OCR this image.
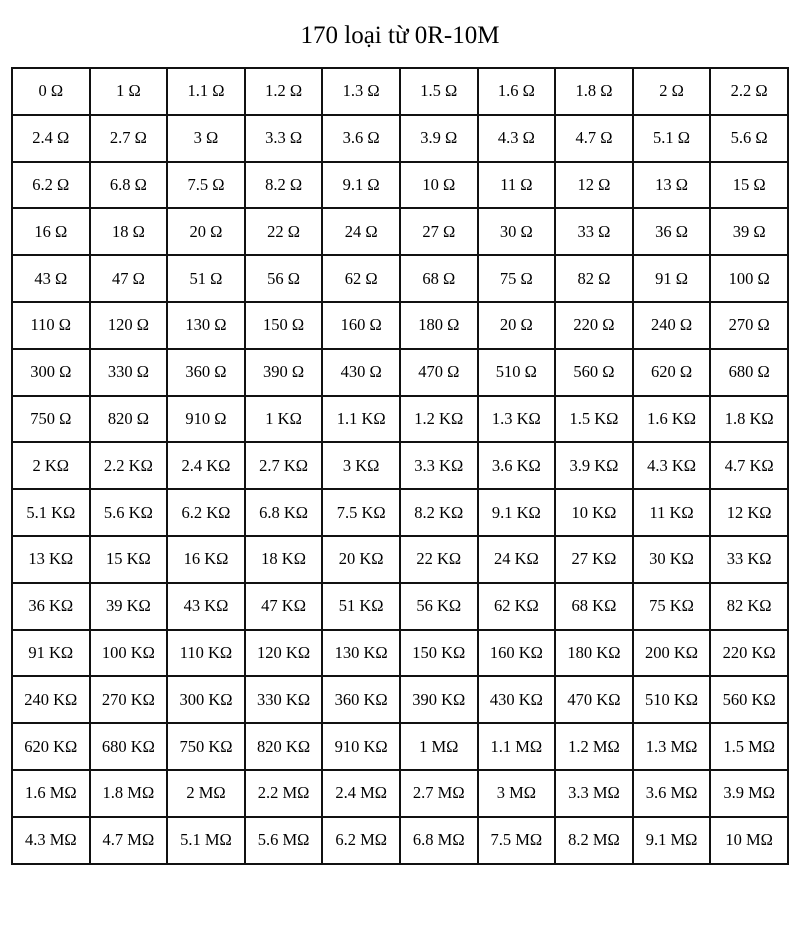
170 loại từ 0R-10M
0 Ω	1 Ω	1.1 Ω	1.2 Ω	1.3 Ω	1.5 Ω	1.6 Ω	1.8 Ω	2 Ω	2.2 Ω
2.4 Ω	2.7 Ω	3 Ω	3.3 Ω	3.6 Ω	3.9 Ω	4.3 Ω	4.7 Ω	5.1 Ω	5.6 Ω
6.2 Ω	6.8 Ω	7.5 Ω	8.2 Ω	9.1 Ω	10 Ω	11 Ω	12 Ω	13 Ω	15 Ω
16 Ω	18 Ω	20 Ω	22 Ω	24 Ω	27 Ω	30 Ω	33 Ω	36 Ω	39 Ω
43 Ω	47 Ω	51 Ω	56 Ω	62 Ω	68 Ω	75 Ω	82 Ω	91 Ω	100 Ω
110 Ω	120 Ω	130 Ω	150 Ω	160 Ω	180 Ω	20 Ω	220 Ω	240 Ω	270 Ω
300 Ω	330 Ω	360 Ω	390 Ω	430 Ω	470 Ω	510 Ω	560 Ω	620 Ω	680 Ω
750 Ω	820 Ω	910 Ω	1 KΩ	1.1 KΩ	1.2 KΩ	1.3 KΩ	1.5 KΩ	1.6 KΩ	1.8 KΩ
2 KΩ	2.2 KΩ	2.4 KΩ	2.7 KΩ	3 KΩ	3.3 KΩ	3.6 KΩ	3.9 KΩ	4.3 KΩ	4.7 KΩ
5.1 KΩ	5.6 KΩ	6.2 KΩ	6.8 KΩ	7.5 KΩ	8.2 KΩ	9.1 KΩ	10 KΩ	11 KΩ	12 KΩ
13 KΩ	15 KΩ	16 KΩ	18 KΩ	20 KΩ	22 KΩ	24 KΩ	27 KΩ	30 KΩ	33 KΩ
36 KΩ	39 KΩ	43 KΩ	47 KΩ	51 KΩ	56 KΩ	62 KΩ	68 KΩ	75 KΩ	82 KΩ
91 KΩ	100 KΩ	110 KΩ	120 KΩ	130 KΩ	150 KΩ	160 KΩ	180 KΩ	200 KΩ	220 KΩ
240 KΩ	270 KΩ	300 KΩ	330 KΩ	360 KΩ	390 KΩ	430 KΩ	470 KΩ	510 KΩ	560 KΩ
620 KΩ	680 KΩ	750 KΩ	820 KΩ	910 KΩ	1 MΩ	1.1 MΩ	1.2 MΩ	1.3 MΩ	1.5 MΩ
1.6 MΩ	1.8 MΩ	2 MΩ	2.2 MΩ	2.4 MΩ	2.7 MΩ	3 MΩ	3.3 MΩ	3.6 MΩ	3.9 MΩ
4.3 MΩ	4.7 MΩ	5.1 MΩ	5.6 MΩ	6.2 MΩ	6.8 MΩ	7.5 MΩ	8.2 MΩ	9.1 MΩ	10 MΩ
